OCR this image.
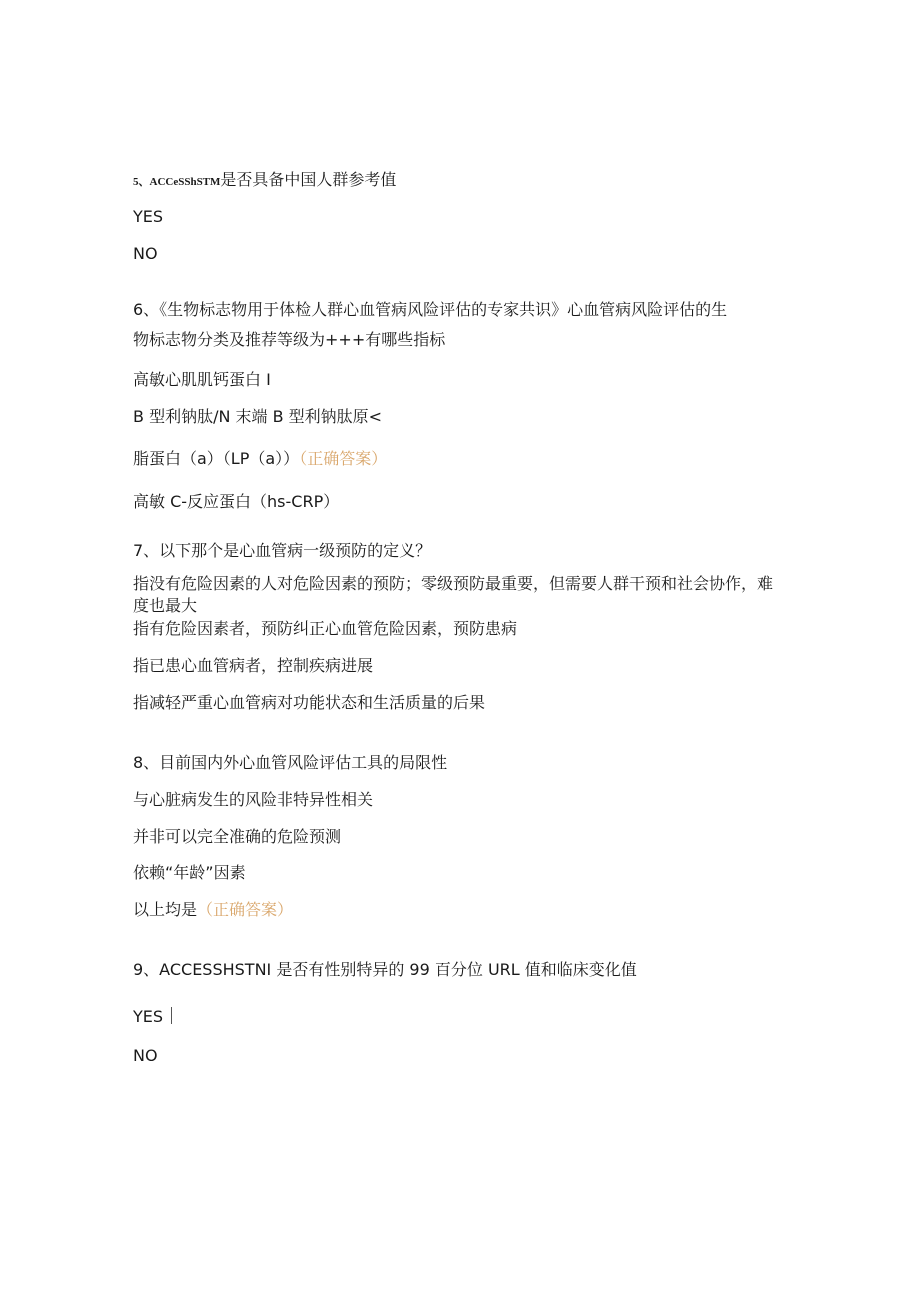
5、ACCeSShSTM是否具备中国人群参考值
YES
NO
6、《生物标志物用于体检人群心血管病风险评估的专家共识》心血管病风险评估的生
物标志物分类及推荐等级为+++有哪些指标
高敏心肌肌钙蛋白 I
B 型利钠肽/N 末端 B 型利钠肽原<
脂蛋白（a）（LP（a））（正确答案）
高敏 C-反应蛋白（hs-CRP）
7、以下那个是心血管病一级预防的定义？
指没有危险因素的人对危险因素的预防；零级预防最重要，但需要人群干预和社会协作，难度也最大
指有危险因素者，预防纠正心血管危险因素，预防患病
指已患心血管病者，控制疾病进展
指减轻严重心血管病对功能状态和生活质量的后果
8、目前国内外心血管风险评估工具的局限性
与心脏病发生的风险非特异性相关
并非可以完全准确的危险预测
依赖“年龄”因素
以上均是（正确答案）
9、ACCESSHSTNI 是否有性别特异的 99 百分位 URL 值和临床变化值
YES
NO
